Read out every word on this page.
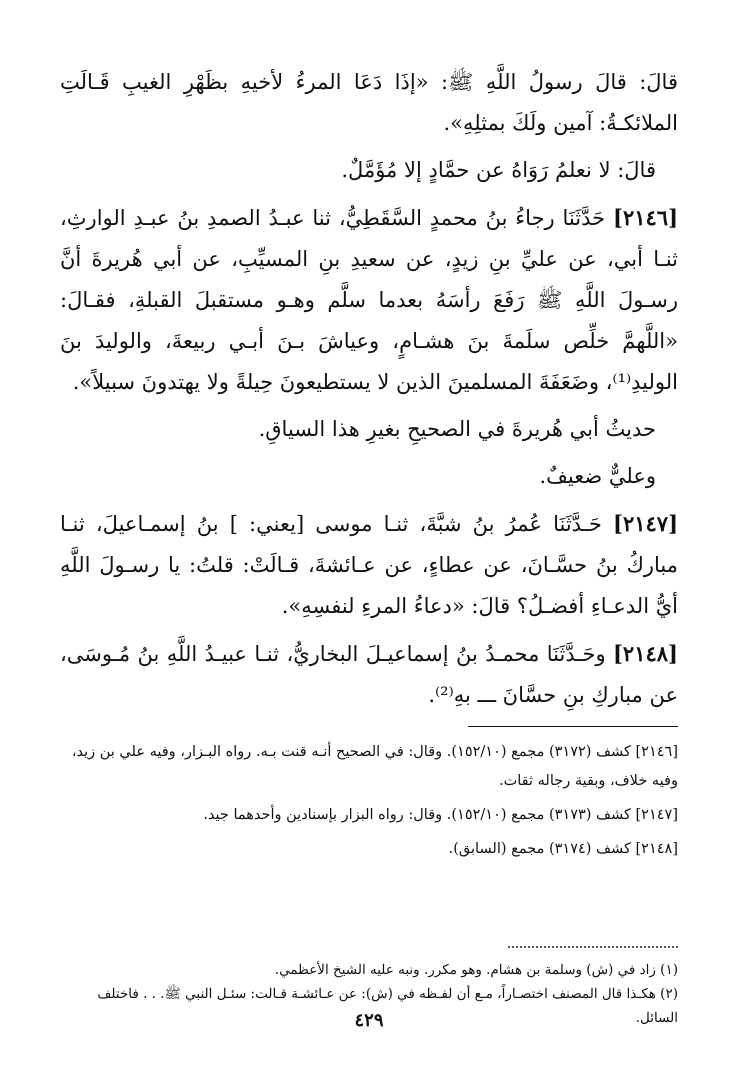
قالَ: قالَ رسولُ اللَّهِ ﷺ: «إذَا دَعَا المرءُ لأخيهِ بظَهْرِ الغيبِ قَـالَتِ الملائكـةُ: آمين ولَكَ بمثلِهِ».

قالَ: لا نعلمُ رَوَاهُ عن حمَّادٍ إلا مُؤَمَّلٌ.

[٢١٤٦] حَدَّثَنَا رجاءُ بنُ محمدٍ السَّقَطِيُّ، ثنا عبـدُ الصمدِ بنُ عبـدِ الوارثِ، ثنـا أبي، عن عليِّ بنِ زيدٍ، عن سعيدِ بنِ المسيِّبِ، عن أبي هُريرةَ أنَّ رسـولَ اللَّهِ ﷺ رَفَعَ رأسَهُ بعدما سلَّم وهـو مستقبلَ القبلةِ، فقـالَ: «اللَّهمَّ خلِّص سلَمةَ بنَ هشـامٍ، وعياشَ بـنَ أبـي ربيعةَ، والوليدَ بنَ الوليدِ⁽¹⁾، وضَعَفَةَ المسلمينَ الذين لا يستطيعونَ حِيلةً ولا يهتدونَ سبيلاً».

حديثُ أبي هُريرةَ في الصحيحِ بغيرِ هذا السياقِ.

وعليٌّ ضعيفٌ.

[٢١٤٧] حَـدَّثَنَا عُمرُ بنُ شبَّةَ، ثنـا موسى [يعني: ] بنُ إسمـاعيلَ، ثنـا مباركُ بنُ حسَّـانَ، عن عطاءٍ، عن عـائشةَ، قـالَتْ: قلتُ: يا رسـولَ اللَّهِ أيُّ الدعـاءِ أفضـلُ؟ قالَ: «دعاءُ المرءِ لنفسِهِ».

[٢١٤٨] وحَـدَّثَنَا محمـدُ بنُ إسماعيـلَ البخاريُّ، ثنـا عبيـدُ اللَّهِ بنُ مُـوسَى، عن مباركِ بنِ حسَّانَ ـــ بهِ⁽²⁾.

[٢١٤٦] كشف (٣١٧٢) مجمع (١٥٢/١٠). وقال: في الصحيح أنـه قنت بـه. رواه البـزار، وفيه علي بن زيد، وفيه خلاف، وبقية رجاله ثقات.

[٢١٤٧] كشف (٣١٧٣) مجمع (١٥٢/١٠). وقال: رواه البزار بإسنادين وأحدهما جيد.

[٢١٤٨] كشف (٣١٧٤) مجمع (السابق).

(١) زاد في (ش) وسلمة بن هشام. وهو مكرر. ونبه عليه الشيخ الأعظمي.

(٢) هكـذا قال المصنف اختصـاراً، مـع أن لفـظه في (ش): عن عـائشـة قـالت: سئـل النبي ﷺ. . . فاختلف السائل.

٤٢٩
